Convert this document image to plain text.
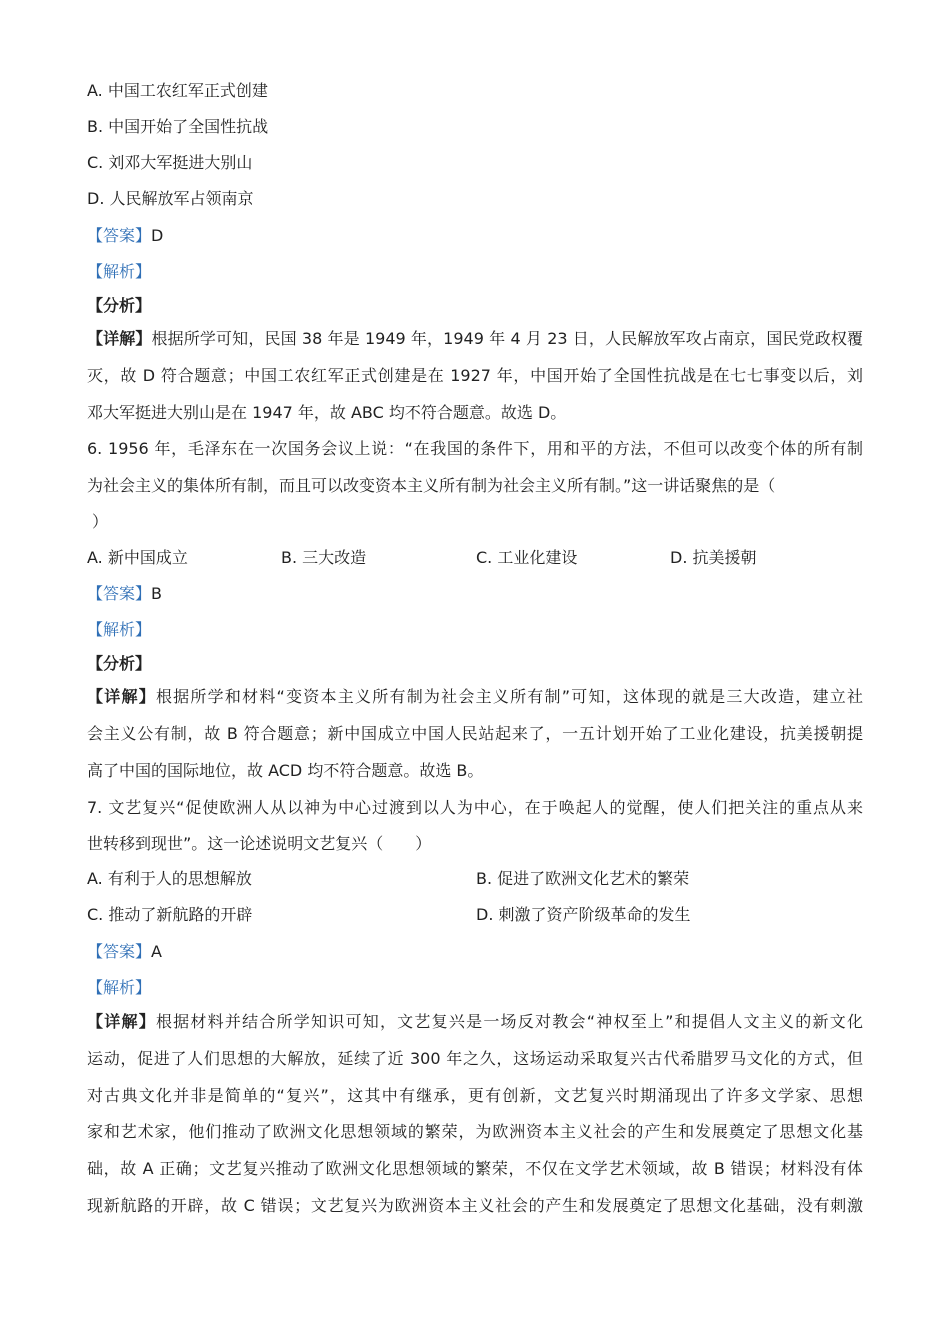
A. 中国工农红军正式创建
B. 中国开始了全国性抗战
C. 刘邓大军挺进大别山
D. 人民解放军占领南京
【答案】D
【解析】
【分析】
【详解】根据所学可知，民国 38 年是 1949 年，1949 年 4 月 23 日，人民解放军攻占南京，国民党政权覆
灭，故 D 符合题意；中国工农红军正式创建是在 1927 年，中国开始了全国性抗战是在七七事变以后，刘
邓大军挺进大别山是在 1947 年，故 ABC 均不符合题意。故选 D。
6. 1956 年，毛泽东在一次国务会议上说：“在我国的条件下，用和平的方法，不但可以改变个体的所有制
为社会主义的集体所有制，而且可以改变资本主义所有制为社会主义所有制。”这一讲话聚焦的是（
）
A. 新中国成立	B. 三大改造	C. 工业化建设	D. 抗美援朝
【答案】B
【解析】
【分析】
【详解】根据所学和材料“变资本主义所有制为社会主义所有制”可知，这体现的就是三大改造，建立社
会主义公有制，故 B 符合题意；新中国成立中国人民站起来了，一五计划开始了工业化建设，抗美援朝提
高了中国的国际地位，故 ACD 均不符合题意。故选 B。
7. 文艺复兴“促使欧洲人从以神为中心过渡到以人为中心，在于唤起人的觉醒，使人们把关注的重点从来
世转移到现世”。这一论述说明文艺复兴（　　）
A. 有利于人的思想解放	B. 促进了欧洲文化艺术的繁荣
C. 推动了新航路的开辟	D. 刺激了资产阶级革命的发生
【答案】A
【解析】
【详解】根据材料并结合所学知识可知，文艺复兴是一场反对教会“神权至上”和提倡人文主义的新文化
运动，促进了人们思想的大解放，延续了近 300 年之久，这场运动采取复兴古代希腊罗马文化的方式，但
对古典文化并非是简单的“复兴”，这其中有继承，更有创新，文艺复兴时期涌现出了许多文学家、思想
家和艺术家，他们推动了欧洲文化思想领域的繁荣，为欧洲资本主义社会的产生和发展奠定了思想文化基
础，故 A 正确；文艺复兴推动了欧洲文化思想领域的繁荣，不仅在文学艺术领域，故 B 错误；材料没有体
现新航路的开辟，故 C 错误；文艺复兴为欧洲资本主义社会的产生和发展奠定了思想文化基础，没有刺激
